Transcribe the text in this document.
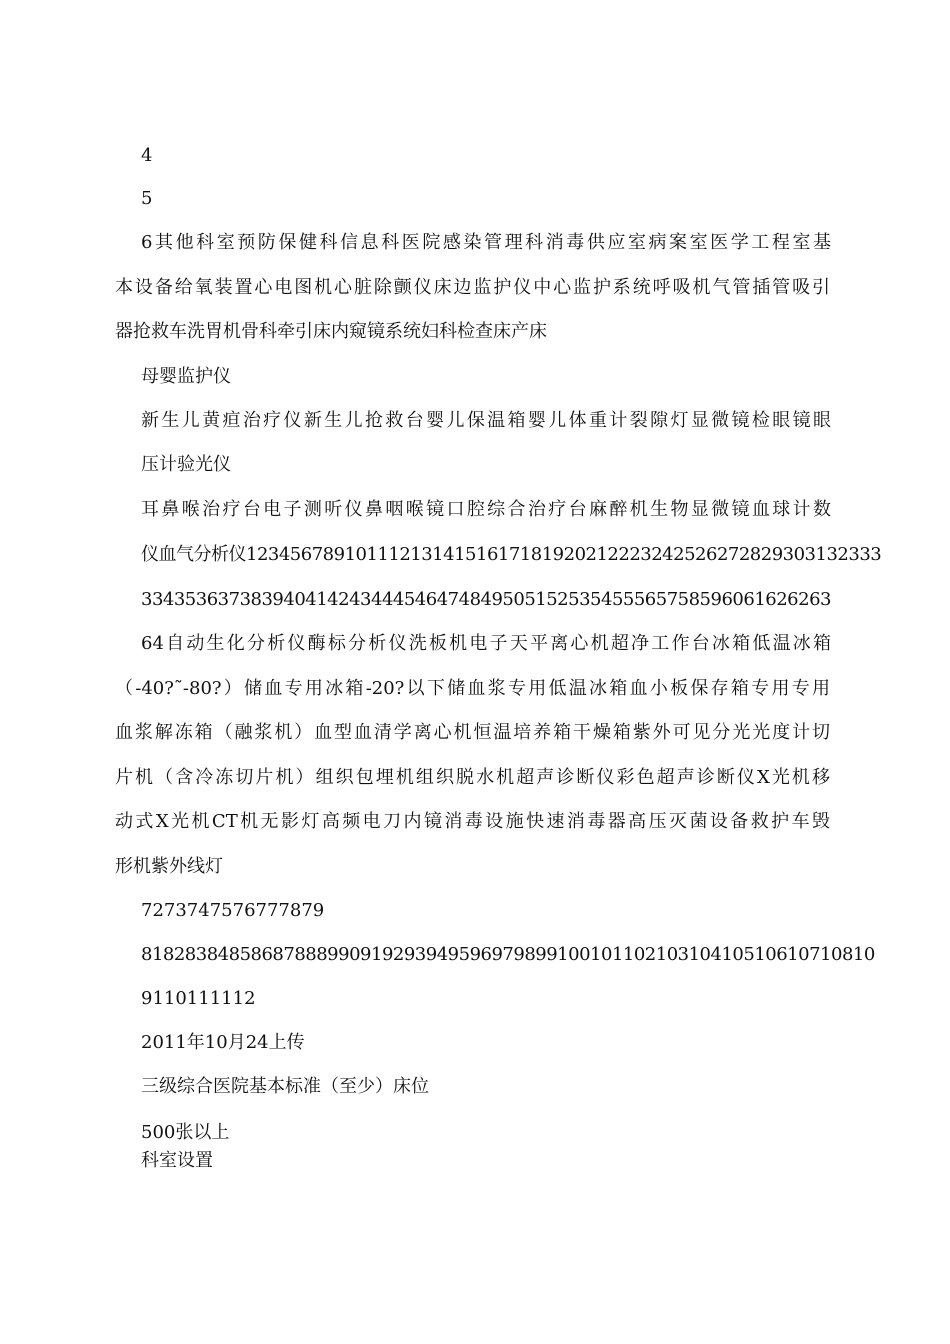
4
5
6其他科室预防保健科信息科医院感染管理科消毒供应室病案室医学工程室基
本设备给氧装置心电图机心脏除颤仪床边监护仪中心监护系统呼吸机气管插管吸引
器抢救车洗胃机骨科牵引床内窥镜系统妇科检查床产床
母婴监护仪
新生儿黄疸治疗仪新生儿抢救台婴儿保温箱婴儿体重计裂隙灯显微镜检眼镜眼
压计验光仪
耳鼻喉治疗台电子测听仪鼻咽喉镜口腔综合治疗台麻醉机生物显微镜血球计数
仪血气分析仪1234567891011121314151617181920212223242526272829303132333
334353637383940414243444546474849505152535455565758596061626263
64自动生化分析仪酶标分析仪洗板机电子天平离心机超净工作台冰箱低温冰箱
（-40?˜-80?）储血专用冰箱-20?以下储血浆专用低温冰箱血小板保存箱专用专用
血浆解冻箱（融浆机）血型血清学离心机恒温培养箱干燥箱紫外可见分光光度计切
片机（含冷冻切片机）组织包埋机组织脱水机超声诊断仪彩色超声诊断仪X光机移
动式X光机CT机无影灯高频电刀内镜消毒设施快速消毒器高压灭菌设备救护车毁
形机紫外线灯
7273747576777879
8182838485868788899091929394959697989910010110210310410510610710810
9110111112
2011年10月24上传
三级综合医院基本标准（至少）床位
500张以上
科室设置
